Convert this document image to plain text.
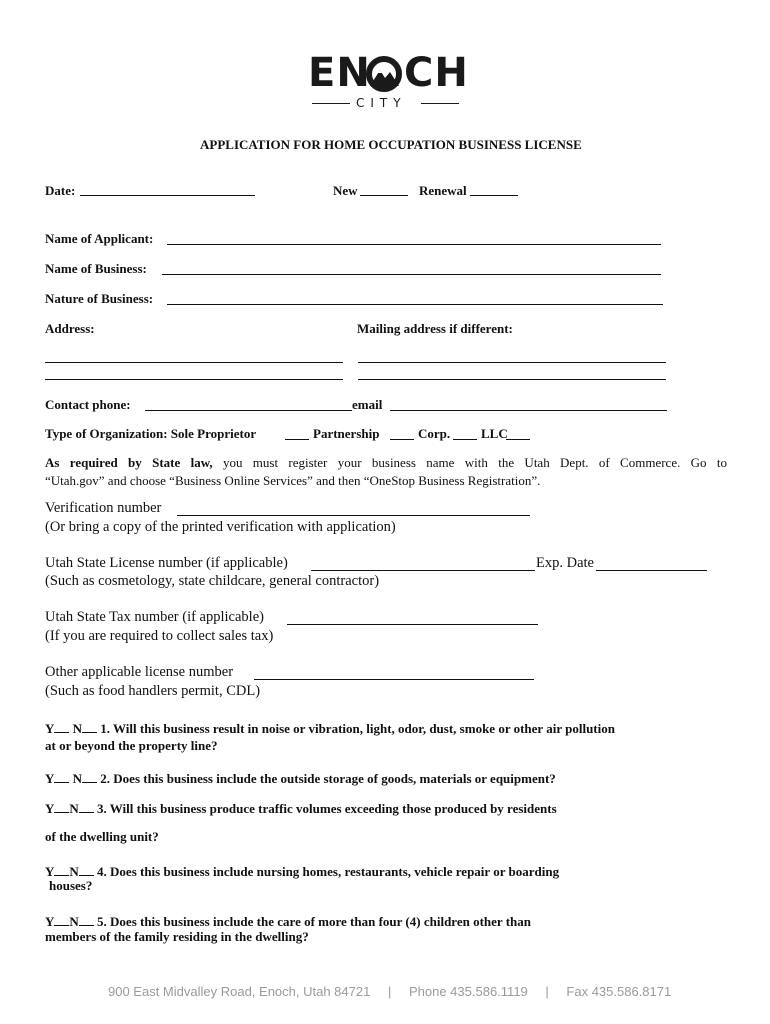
EN CH
CITY
APPLICATION FOR HOME OCCUPATION BUSINESS LICENSE
Date:	New	Renewal
Name of Applicant:
Name of Business:
Nature of Business:
Address:	Mailing address if different:
Contact phone:	email
Type of Organization: Sole Proprietor	Partnership	Corp. LLC
As required by State law, you must register your business name with the Utah Dept. of Commerce. Go to
“Utah.gov” and choose “Business Online Services” and then “OneStop Business Registration”.
Verification number
(Or bring a copy of the printed verification with application)
Utah State License number (if applicable)	Exp. Date
(Such as cosmetology, state childcare, general contractor)
Utah State Tax number (if applicable)
(If you are required to collect sales tax)
Other applicable license number
(Such as food handlers permit, CDL)
Y N 1. Will this business result in noise or vibration, light, odor, dust, smoke or other air pollution
at or beyond the property line?
Y N 2. Does this business include the outside storage of goods, materials or equipment?
Y N 3. Will this business produce traffic volumes exceeding those produced by residents
of the dwelling unit?
Y N 4. Does this business include nursing homes, restaurants, vehicle repair or boarding
houses?
Y N 5. Does this business include the care of more than four (4) children other than
members of the family residing in the dwelling?
900 East Midvalley Road, Enoch, Utah 84721 | Phone 435.586.1119 | Fax 435.586.8171
